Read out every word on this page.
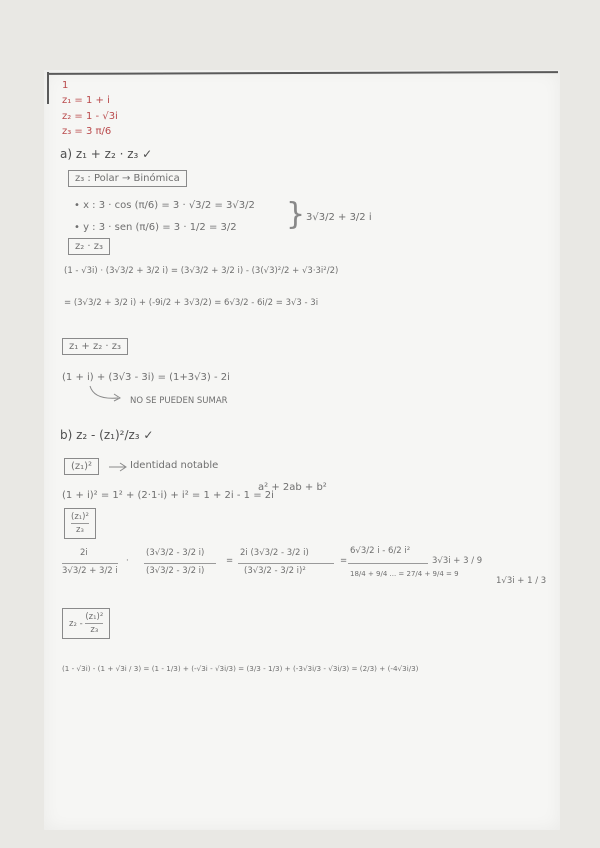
1
z₁ = 1 + i
z₂ = 1 - √3i
z₃ = 3 π/6
a) z₁ + z₂ · z₃ ✓
z₃ : Polar → Binómica
• x : 3 · cos (π/6) = 3 · √3/2 = 3√3/2
• y : 3 · sen (π/6) = 3 · 1/2 = 3/2 } 3√3/2 + 3/2 i
z₂ · z₃
(1 - √3i) · (3√3/2 + 3/2 i) = (3√3/2 + 3/2 i) - (3(√3)²/2 + √3·3i²/2)
= (3√3/2 + 3/2 i) + (-9i/2 + 3√3/2) = 6√3/2 - 6i/2 = 3√3 - 3i
z₁ + z₂ · z₃
(1 + i) + (3√3 - 3i) = (1+3√3) - 2i
NO SE PUEDEN SUMAR
b) z₂ - (z₁)²/z₃ ✓
(z₁)²	Identidad notable
a² + 2ab + b²
(1 + i)² = 1² + (2·1·i) + i² = 1 + 2i - 1 = 2i
$\frac{\text{(z₁)²}}{\text{z₃}}$
2i
3√3/2 + 3/2 i
·
(3√3/2 - 3/2 i)
(3√3/2 - 3/2 i)
=
2i (3√3/2 - 3/2 i)
(3√3/2 - 3/2 i)²
=
6√3/2 i - 6/2 i²
18/4 + 9/4 ... = 27/4 + 9/4 = 9
3√3i + 3 / 9
1√3i + 1 / 3
$z_2 - \frac{\text{(z₁)²}}{\text{z₃}}$
(1 - √3i) - (1 + √3i / 3) = (1 - 1/3) + (-√3i - √3i/3) = (3/3 - 1/3) + (-3√3i/3 - √3i/3) = (2/3) + (-4√3i/3)
